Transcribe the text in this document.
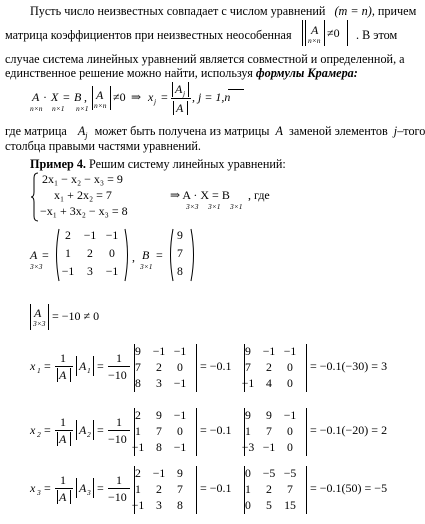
Пусть число неизвестных совпадает с числом уравнений (m = n), причем
матрица коэффициентов при неизвестных неособенная A
n×n
≠0 . В этом
случае система линейных уравнений является совместной и определенной, а
единственное решение можно найти, используя формулы Крамера:
A
n×n
· X
n×1
= B
n×1
, A
n×n
≠0 ⇒ x j =
A j
A
, j = 1,n
где матрица $A_j$ может быть получена из матрицы A заменой элементов j–того
столбца правыми частями уравнений.
Пример 4. Решим систему линейных уравнений:
2x₁ − x₂ − x₃ = 9
x₁ + 2x₂ = 7
−x₁ + 3x₂ − x₃ = 8
⇒ A · X = B
3×3 3×1 3×1
, где
A
3×3
=
2	−1 −1
1	2	0
−1	3	−1
, B
3×1
=
9
7
8
A
3×3
= −10 ≠ 0
x 1 =
1
A
A 1 =
1
−10
9 −1 −1
7	2	0
8	3 −1
= −0.1
9 −1 −1
7	2	0
−1 4	0
= −0.1(−30) = 3
x 2 =
1
A
A 2 =
1
−10
2	9 −1
1	7	0
−1 8 −1
= −0.1
9	9 −1
1	7	0
−3 −1 0
= −0.1(−20) = 2
x 3 =
1
A
A 3 =
1
−10
2 −1 9
1	2	7
−1 3	8
= −0.1
0 −5 −5
1	2	7
0	5	15
= −0.1(50) = −5
